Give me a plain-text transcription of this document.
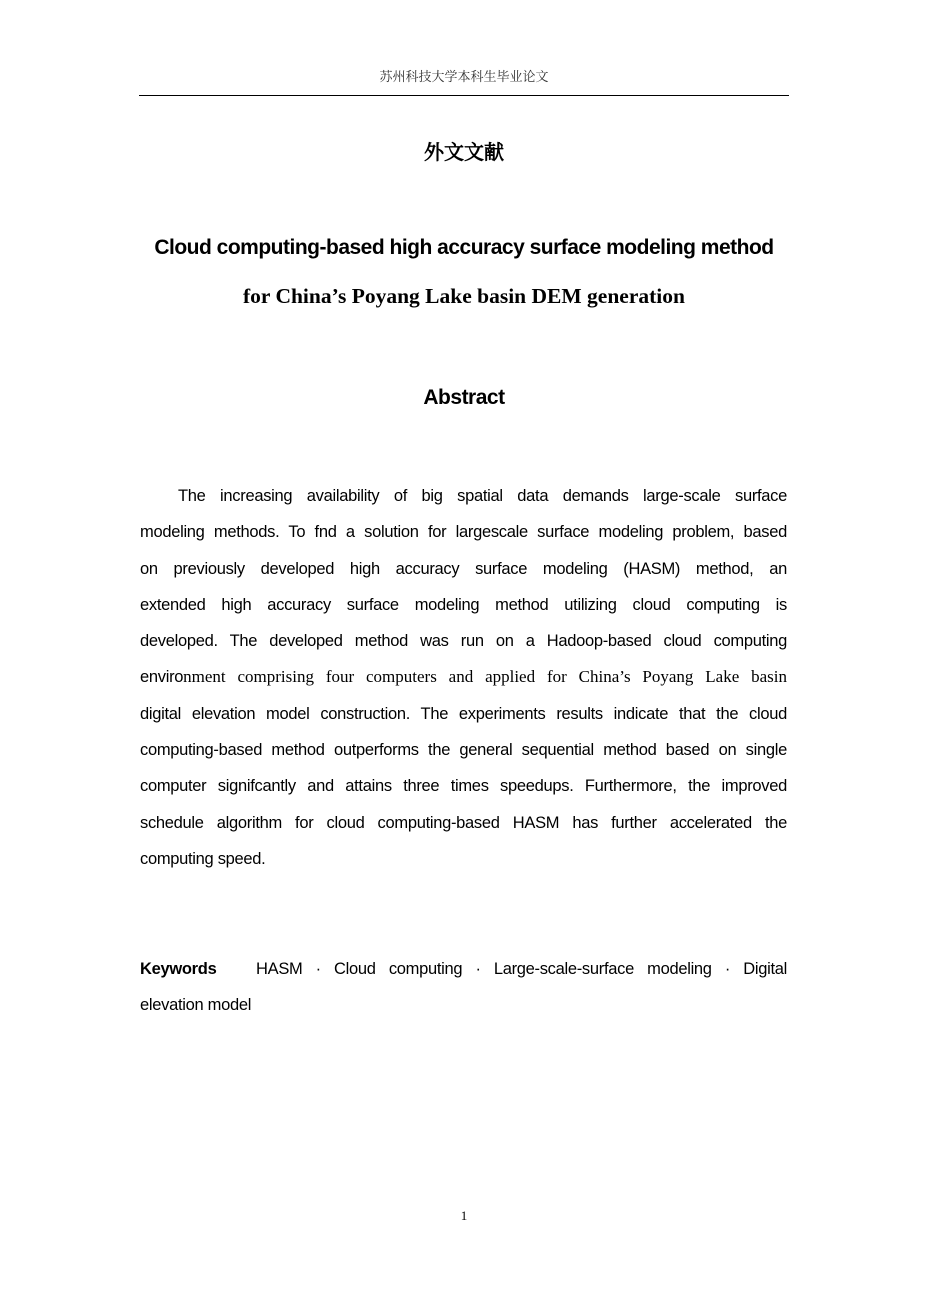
苏州科技大学本科生毕业论文
外文文献
Cloud computing-based high accuracy surface modeling method
for China’s Poyang Lake basin DEM generation
Abstract
The increasing availability of big spatial data demands large-scale surface
modeling methods. To fnd a solution for largescale surface modeling problem, based
on previously developed high accuracy surface modeling (HASM) method, an
extended high accuracy surface modeling method utilizing cloud computing is
developed. The developed method was run on a Hadoop-based cloud computing
environment comprising four computers and applied for China’s Poyang Lake basin
digital elevation model construction. The experiments results indicate that the cloud
computing-based method outperforms the general sequential method based on single
computer signifcantly and attains three times speedups. Furthermore, the improved
schedule algorithm for cloud computing-based HASM has further accelerated the
computing speed.
Keywords HASM · Cloud computing · Large-scale-surface modeling · Digital
elevation model
1
